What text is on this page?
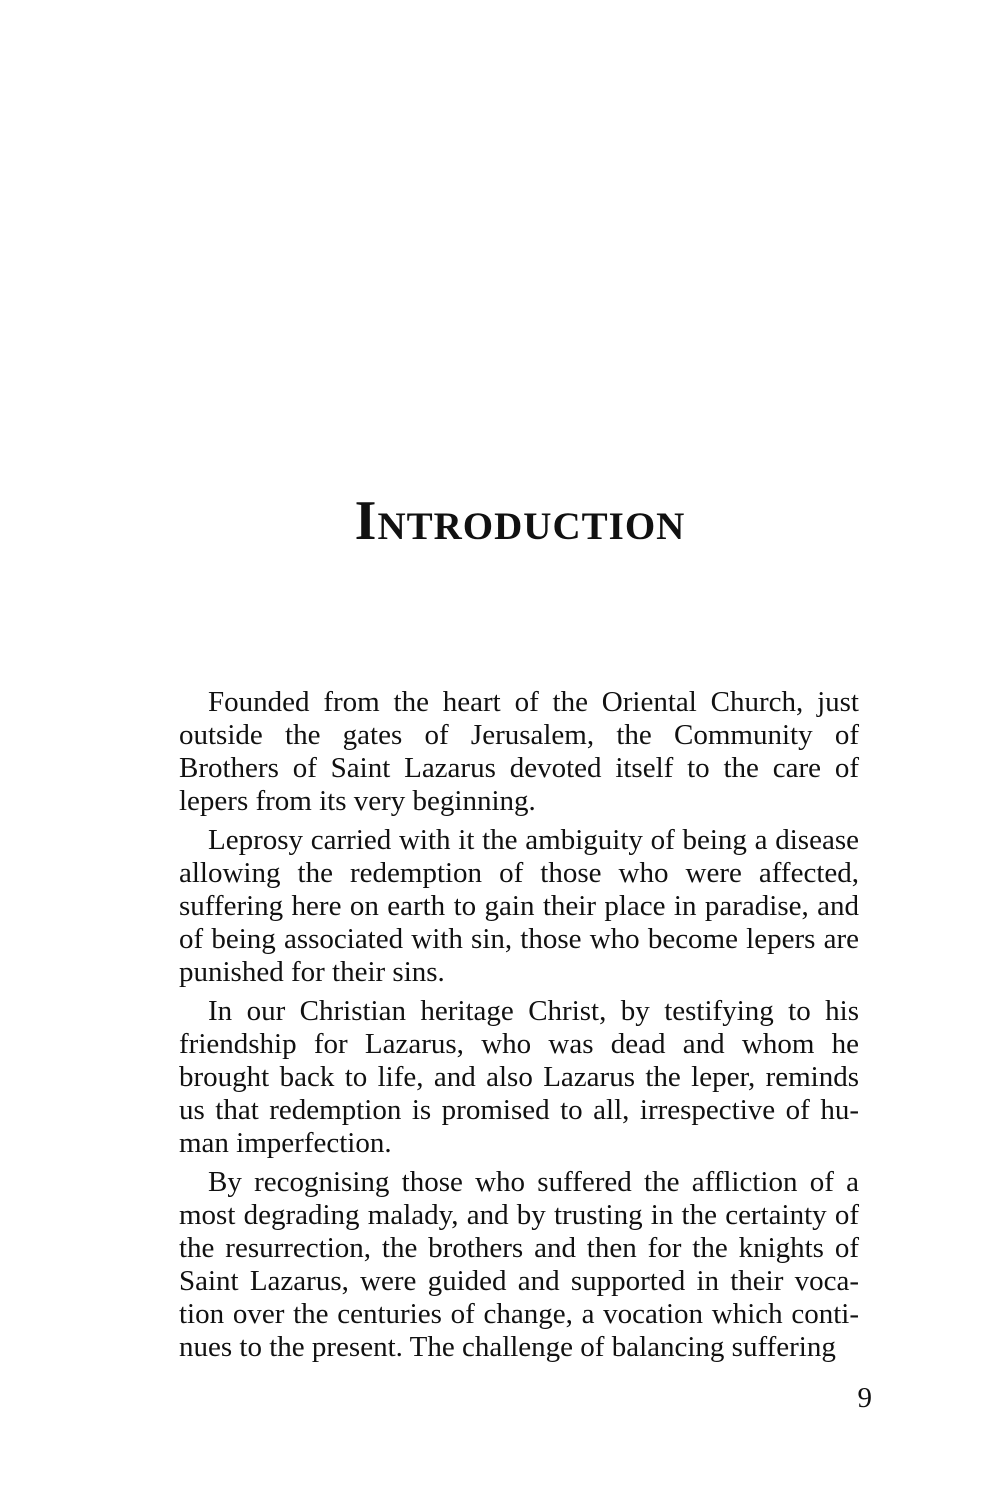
Introduction

Founded from the heart of the Oriental Church, just outside the gates of Jerusalem, the Community of Brothers of Saint Lazarus devoted itself to the care of lepers from its very beginning.

Leprosy carried with it the ambiguity of being a disease allowing the redemption of those who were affected, suffering here on earth to gain their place in paradise, and of being associated with sin, those who become lepers are punished for their sins.

In our Christian heritage Christ, by testifying to his friendship for Lazarus, who was dead and whom he brought back to life, and also Lazarus the leper, reminds us that redemption is promised to all, irrespective of human imperfection.

By recognising those who suffered the affliction of a most degrading malady, and by trusting in the certainty of the resurrection, the brothers and then for the knights of Saint Lazarus, were guided and supported in their vocation over the centuries of change, a vocation which continues to the present. The challenge of balancing suffering

9
